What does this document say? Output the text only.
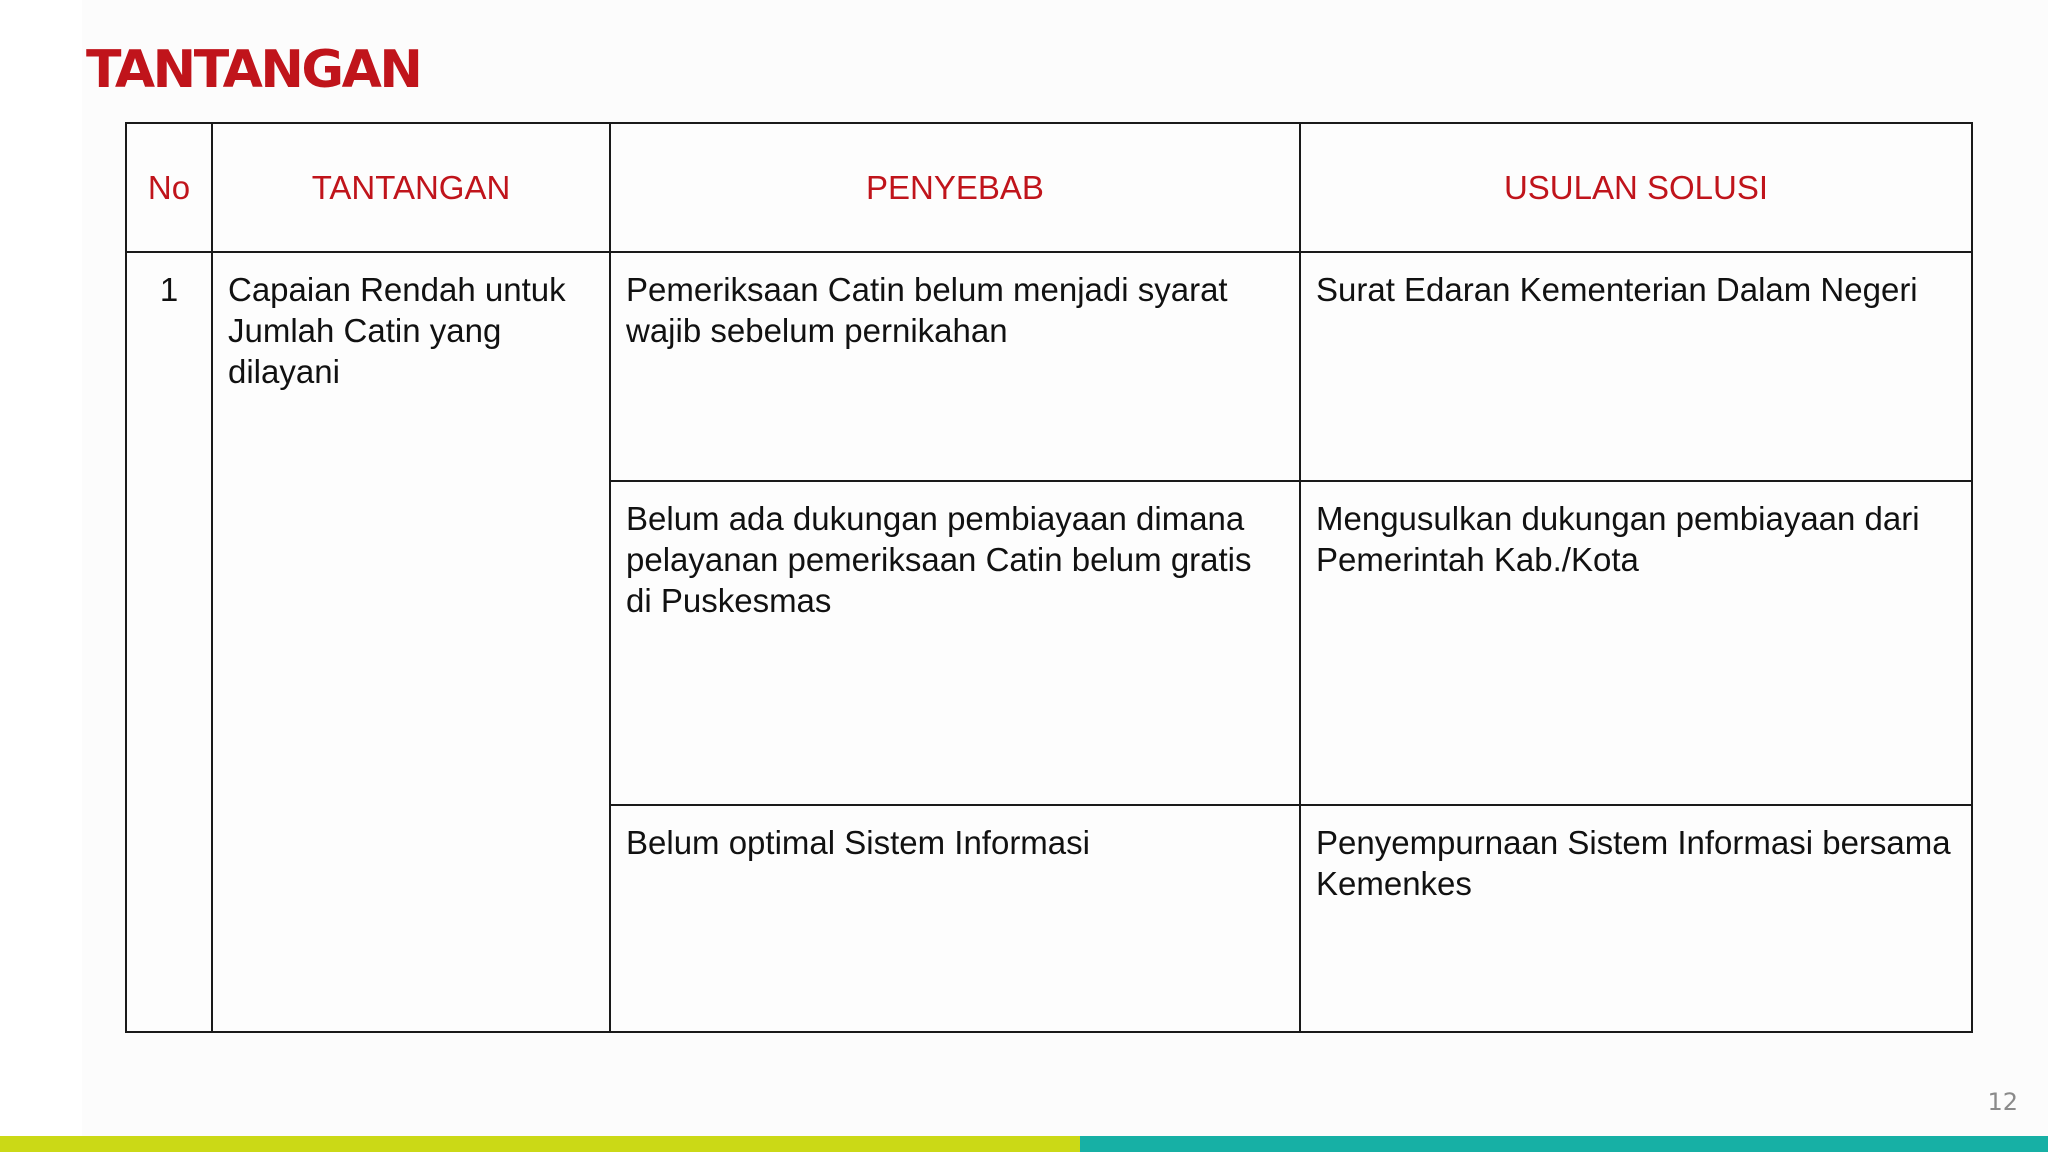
TANTANGAN
No	TANTANGAN	PENYEBAB	USULAN SOLUSI
1	Capaian Rendah untuk Jumlah Catin yang dilayani	Pemeriksaan Catin belum menjadi syarat wajib sebelum pernikahan	Surat Edaran Kementerian Dalam Negeri
		Belum ada dukungan pembiayaan dimana pelayanan pemeriksaan Catin belum gratis di Puskesmas	Mengusulkan dukungan pembiayaan dari Pemerintah Kab./Kota
		Belum optimal Sistem Informasi	Penyempurnaan Sistem Informasi bersama Kemenkes
12
